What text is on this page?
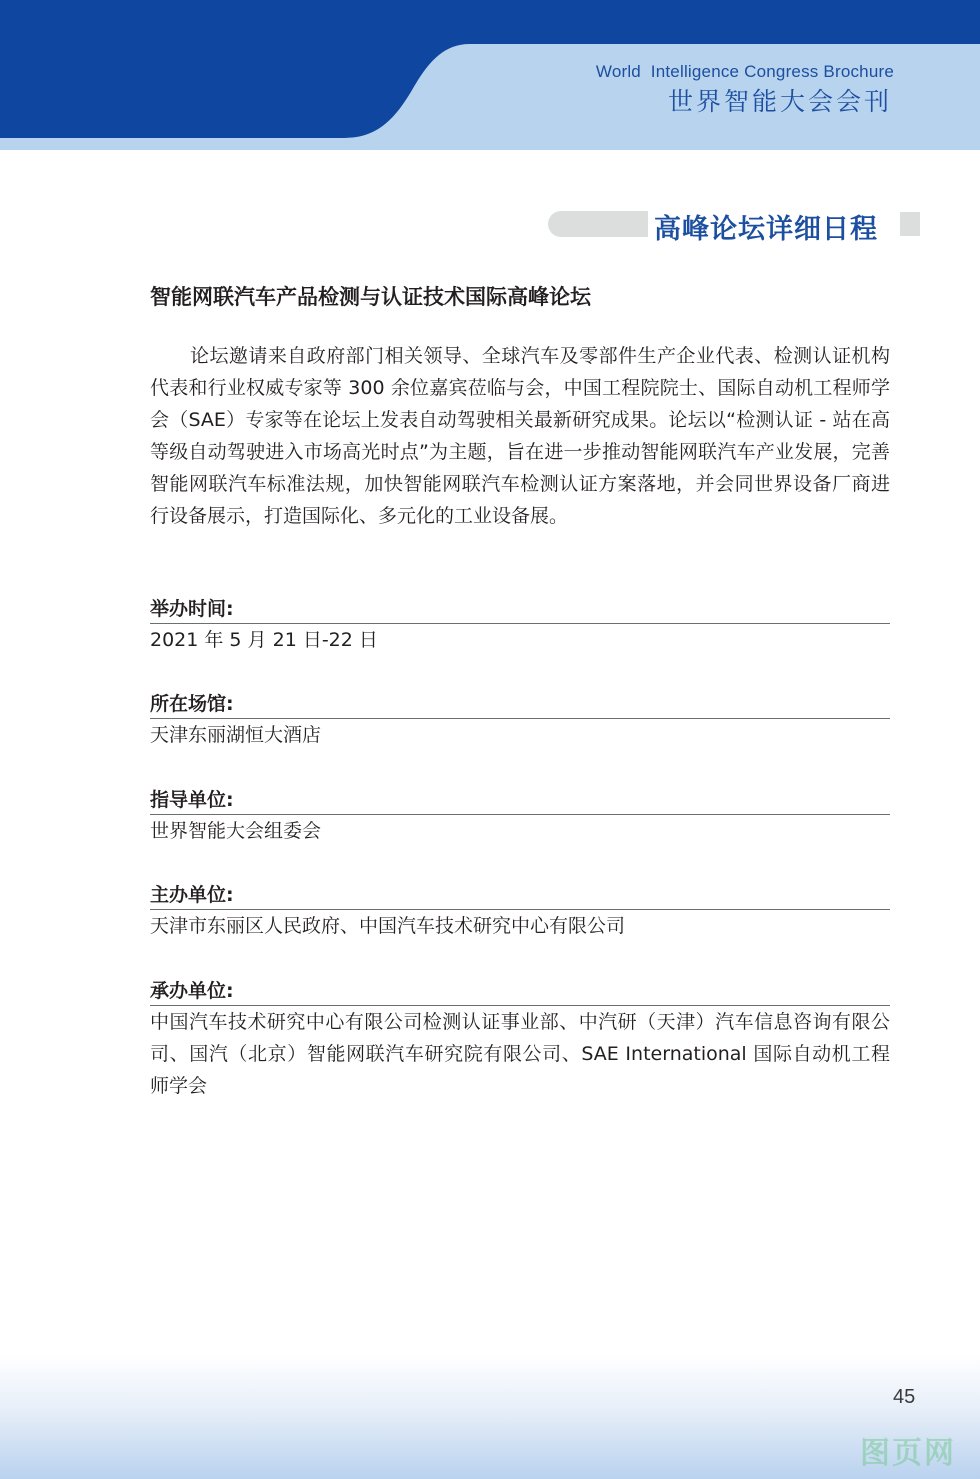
World  Intelligence Congress Brochure
世界智能大会会刊
高峰论坛详细日程
智能网联汽车产品检测与认证技术国际高峰论坛

论坛邀请来自政府部门相关领导、全球汽车及零部件生产企业代表、检测认证机构代表和行业权威专家等 300 余位嘉宾莅临与会，中国工程院院士、国际自动机工程师学会（SAE）专家等在论坛上发表自动驾驶相关最新研究成果。论坛以“检测认证 - 站在高等级自动驾驶进入市场高光时点”为主题，旨在进一步推动智能网联汽车产业发展，完善智能网联汽车标准法规，加快智能网联汽车检测认证方案落地，并会同世界设备厂商进行设备展示，打造国际化、多元化的工业设备展。

举办时间:
2021 年 5 月 21 日-22 日
所在场馆:
天津东丽湖恒大酒店
指导单位:
世界智能大会组委会
主办单位:
天津市东丽区人民政府、中国汽车技术研究中心有限公司
承办单位:
中国汽车技术研究中心有限公司检测认证事业部、中汽研（天津）汽车信息咨询有限公司、国汽（北京）智能网联汽车研究院有限公司、SAE International 国际自动机工程师学会
45
图页网
